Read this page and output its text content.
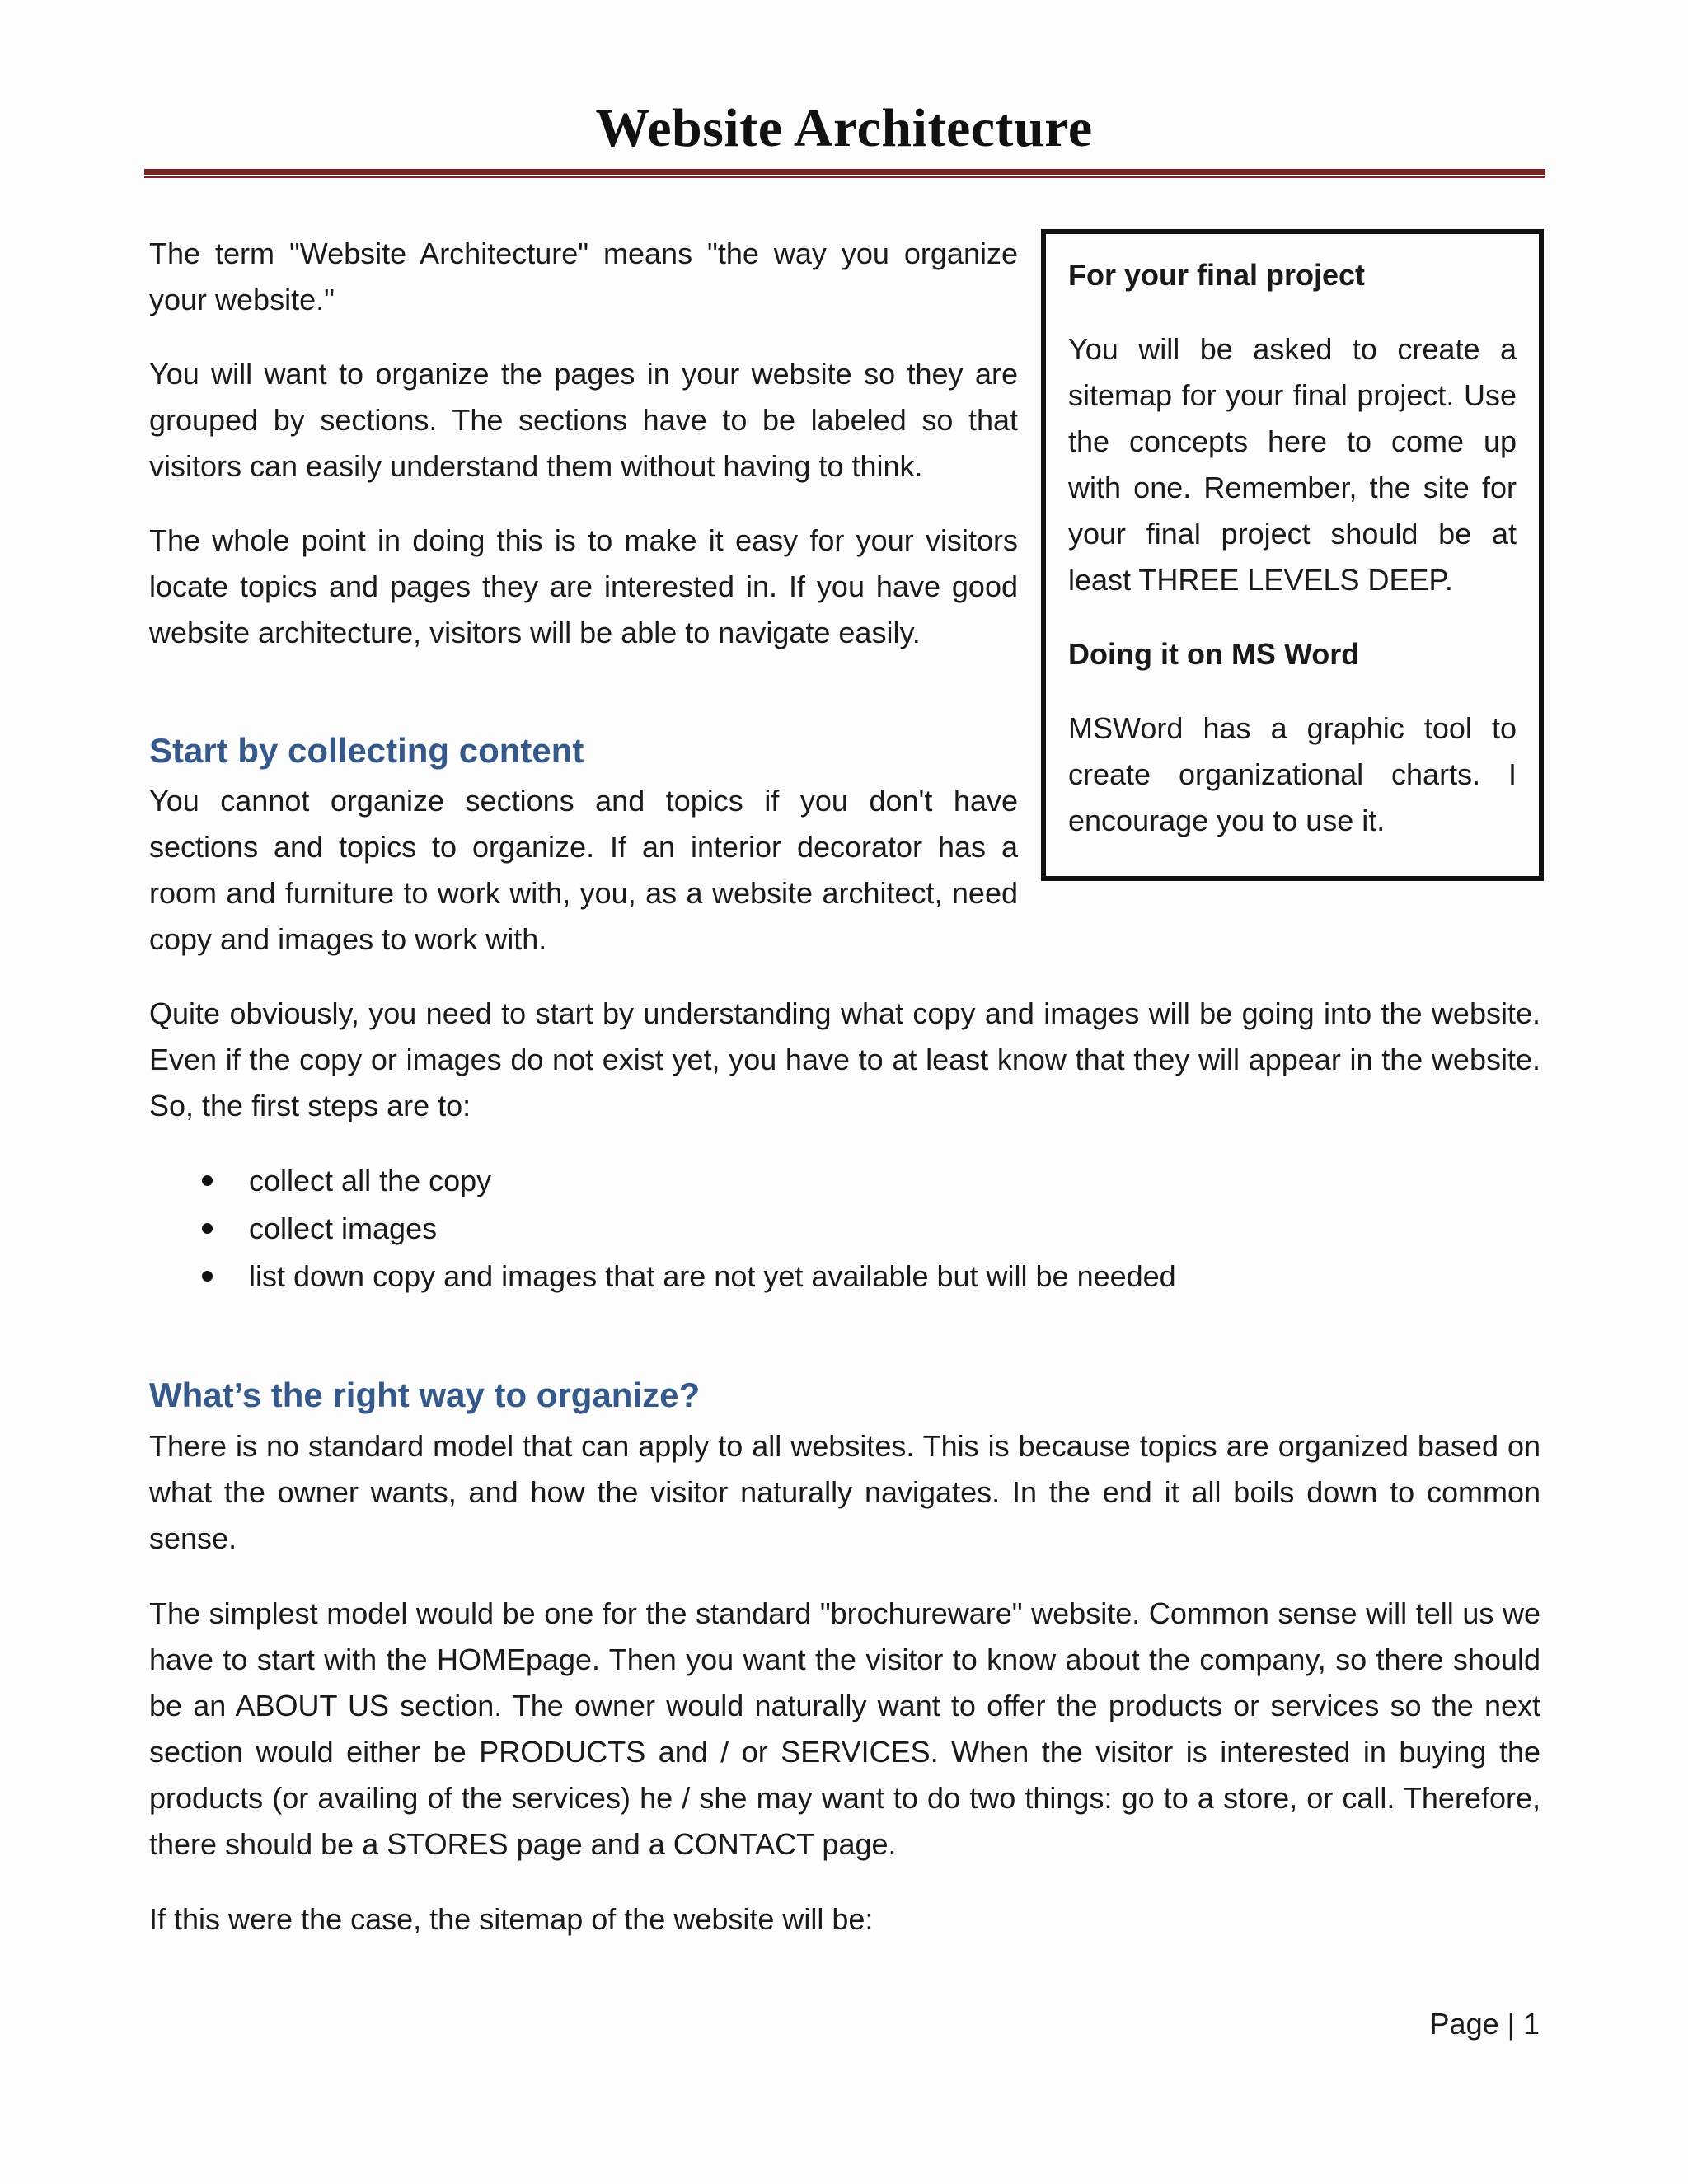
Website Architecture

The term "Website Architecture" means "the way you organize your website."

You will want to organize the pages in your website so they are grouped by sections. The sections have to be labeled so that visitors can easily understand them without having to think.

The whole point in doing this is to make it easy for your visitors locate topics and pages they are interested in. If you have good website architecture, visitors will be able to navigate easily.

For your final project

You will be asked to create a sitemap for your final project. Use the concepts here to come up with one. Remember, the site for your final project should be at least THREE LEVELS DEEP.

Doing it on MS Word

MSWord has a graphic tool to create organizational charts. I encourage you to use it.

Start by collecting content

You cannot organize sections and topics if you don't have sections and topics to organize. If an interior decorator has a room and furniture to work with, you, as a website architect, need copy and images to work with.

Quite obviously, you need to start by understanding what copy and images will be going into the website. Even if the copy or images do not exist yet, you have to at least know that they will appear in the website. So, the first steps are to:

collect all the copy
collect images
list down copy and images that are not yet available but will be needed
What’s the right way to organize?

There is no standard model that can apply to all websites. This is because topics are organized based on what the owner wants, and how the visitor naturally navigates. In the end it all boils down to common sense.

The simplest model would be one for the standard "brochureware" website. Common sense will tell us we have to start with the HOMEpage. Then you want the visitor to know about the company, so there should be an ABOUT US section. The owner would naturally want to offer the products or services so the next section would either be PRODUCTS and / or SERVICES. When the visitor is interested in buying the products (or availing of the services) he / she may want to do two things: go to a store, or call. Therefore, there should be a STORES page and a CONTACT page.

If this were the case, the sitemap of the website will be:

Page | 1
